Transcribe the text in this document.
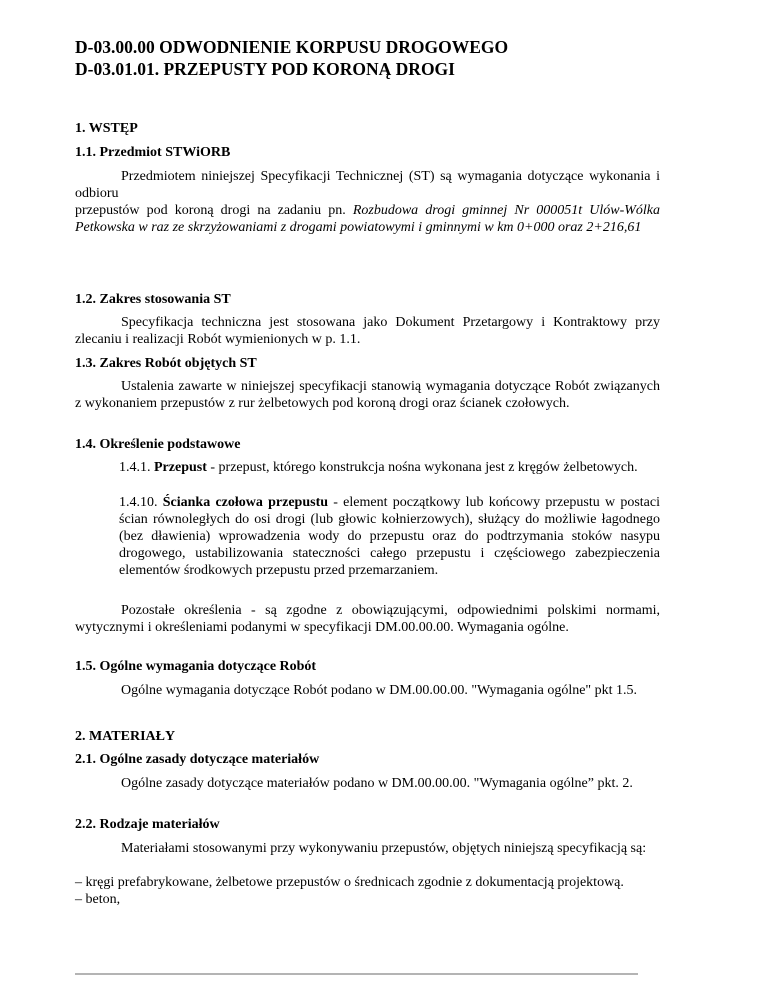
D-03.00.00 ODWODNIENIE KORPUSU DROGOWEGO
D-03.01.01. PRZEPUSTY POD KORONĄ DROGI
1. WSTĘP
1.1. Przedmiot STWiORB
Przedmiotem niniejszej Specyfikacji Technicznej (ST) są wymagania dotyczące wykonania i odbioru
przepustów pod koroną drogi na zadaniu pn. Rozbudowa drogi gminnej Nr 000051t Ulów-Wólka Petkowska w raz ze skrzyżowaniami z drogami powiatowymi i gminnymi w km 0+000 oraz 2+216,61
1.2. Zakres stosowania ST
Specyfikacja techniczna jest stosowana jako Dokument Przetargowy i Kontraktowy przy zlecaniu i realizacji Robót wymienionych w p. 1.1.
1.3. Zakres Robót objętych ST
Ustalenia zawarte w niniejszej specyfikacji stanowią wymagania dotyczące Robót związanych z wykonaniem przepustów z rur żelbetowych pod koroną drogi oraz ścianek czołowych.
1.4. Określenie podstawowe
1.4.1. Przepust - przepust, którego konstrukcja nośna wykonana jest z kręgów żelbetowych.
1.4.10. Ścianka czołowa przepustu - element początkowy lub końcowy przepustu w postaci ścian równoległych do osi drogi (lub głowic kołnierzowych), służący do możliwie łagodnego (bez dławienia) wprowadzenia wody do przepustu oraz do podtrzymania stoków nasypu drogowego, ustabilizowania stateczności całego przepustu i częściowego zabezpieczenia elementów środkowych przepustu przed przemarzaniem.
Pozostałe określenia - są zgodne z obowiązującymi, odpowiednimi polskimi normami, wytycznymi i określeniami podanymi w specyfikacji DM.00.00.00. Wymagania ogólne.
1.5. Ogólne wymagania dotyczące Robót
Ogólne wymagania dotyczące Robót podano w DM.00.00.00. "Wymagania ogólne" pkt 1.5.
2. MATERIAŁY
2.1. Ogólne zasady dotyczące materiałów
Ogólne zasady dotyczące materiałów podano w DM.00.00.00. "Wymagania ogólne” pkt. 2.
2.2. Rodzaje materiałów
Materiałami stosowanymi przy wykonywaniu przepustów, objętych niniejszą specyfikacją są:
– kręgi prefabrykowane, żelbetowe przepustów o średnicach zgodnie z dokumentacją projektową.
– beton,
